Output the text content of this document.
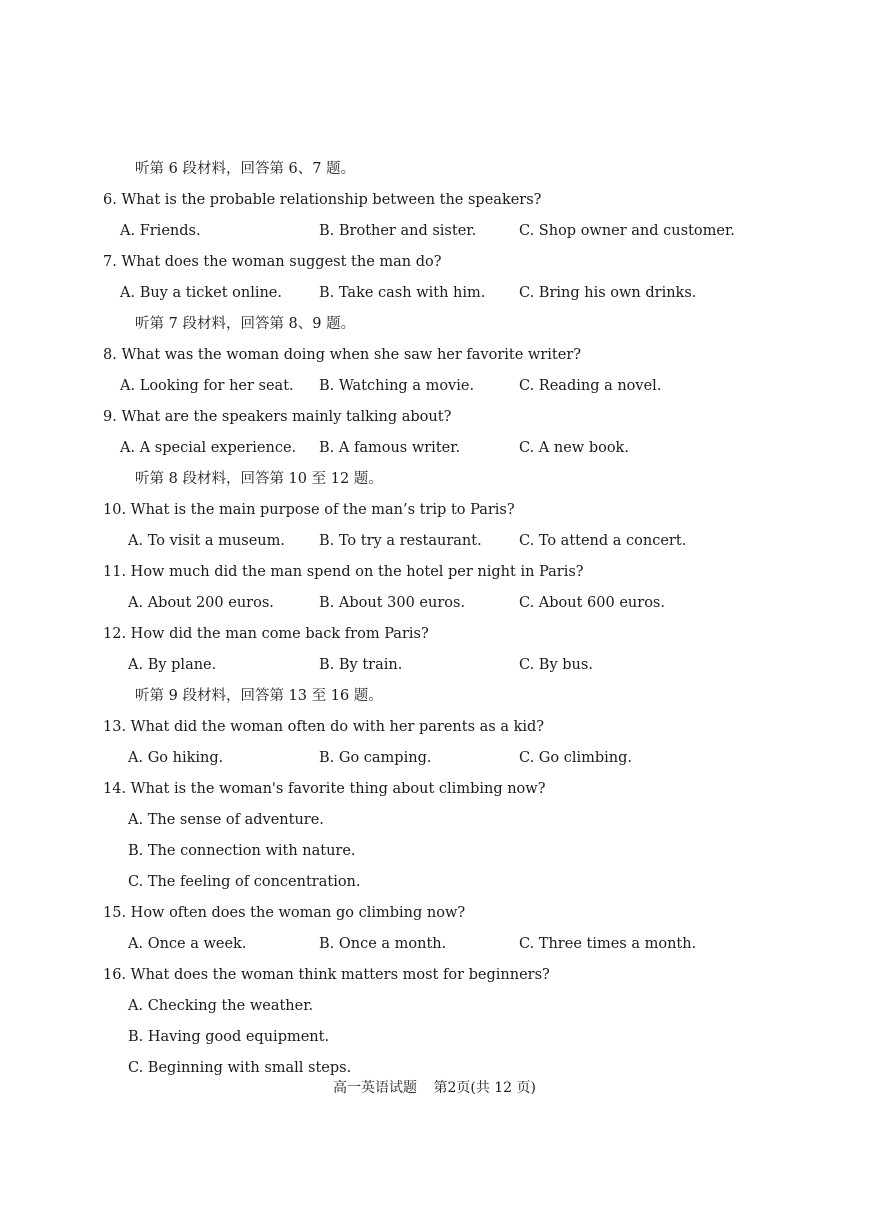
听第 6 段材料，回答第 6、7 题。
6. What is the probable relationship between the speakers?
A. Friends.	B. Brother and sister.	C. Shop owner and customer.
7. What does the woman suggest the man do?
A. Buy a ticket online.	B. Take cash with him. C. Bring his own drinks.
听第 7 段材料，回答第 8、9 题。
8. What was the woman doing when she saw her favorite writer?
A. Looking for her seat. B. Watching a movie.	C. Reading a novel.
9. What are the speakers mainly talking about?
A. A special experience. B. A famous writer.	C. A new book.
听第 8 段材料，回答第 10 至 12 题。
10. What is the main purpose of the man’s trip to Paris?
A. To visit a museum. B. To try a restaurant.	C. To attend a concert.
11. How much did the man spend on the hotel per night in Paris?
A. About 200 euros.	B. About 300 euros.	C. About 600 euros.
12. How did the man come back from Paris?
A. By plane.	B. By train.	C. By bus.
听第 9 段材料，回答第 13 至 16 题。
13. What did the woman often do with her parents as a kid?
A. Go hiking.	B. Go camping.	C. Go climbing.
14. What is the woman's favorite thing about climbing now?
A. The sense of adventure.
B. The connection with nature.
C. The feeling of concentration.
15. How often does the woman go climbing now?
A. Once a week.	B. Once a month.	C. Three times a month.
16. What does the woman think matters most for beginners?
A. Checking the weather.
B. Having good equipment.
C. Beginning with small steps.
高一英语试题 第2页(共 12 页)
